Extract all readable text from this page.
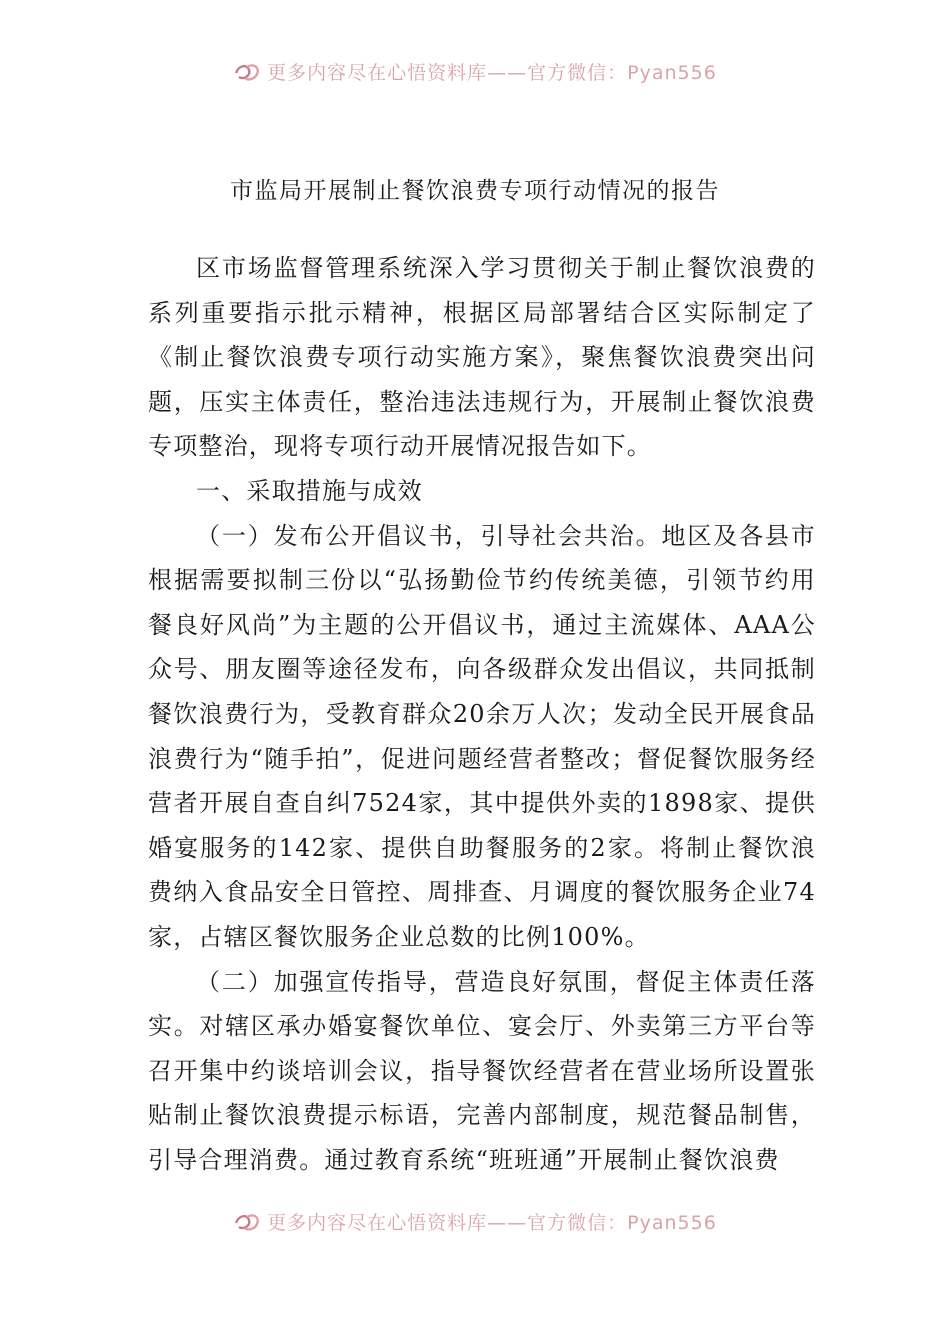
更多内容尽在心悟资料库——官方微信：Pyan556
市监局开展制止餐饮浪费专项行动情况的报告

区市场监督管理系统深入学习贯彻关于制止餐饮浪费的系列重要指示批示精神，根据区局部署结合区实际制定了《制止餐饮浪费专项行动实施方案》，聚焦餐饮浪费突出问题，压实主体责任，整治违法违规行为，开展制止餐饮浪费专项整治，现将专项行动开展情况报告如下。

一、采取措施与成效

（一）发布公开倡议书，引导社会共治。地区及各县市根据需要拟制三份以“弘扬勤俭节约传统美德，引领节约用餐良好风尚”为主题的公开倡议书，通过主流媒体、AAA公众号、朋友圈等途径发布，向各级群众发出倡议，共同抵制餐饮浪费行为，受教育群众20余万人次；发动全民开展食品浪费行为“随手拍”，促进问题经营者整改；督促餐饮服务经营者开展自查自纠7524家，其中提供外卖的1898家、提供婚宴服务的142家、提供自助餐服务的2家。将制止餐饮浪费纳入食品安全日管控、周排查、月调度的餐饮服务企业74家，占辖区餐饮服务企业总数的比例100%。

（二）加强宣传指导，营造良好氛围，督促主体责任落实。对辖区承办婚宴餐饮单位、宴会厅、外卖第三方平台等召开集中约谈培训会议，指导餐饮经营者在营业场所设置张贴制止餐饮浪费提示标语，完善内部制度，规范餐品制售，引导合理消费。通过教育系统“班班通”开展制止餐饮浪费

更多内容尽在心悟资料库——官方微信：Pyan556
